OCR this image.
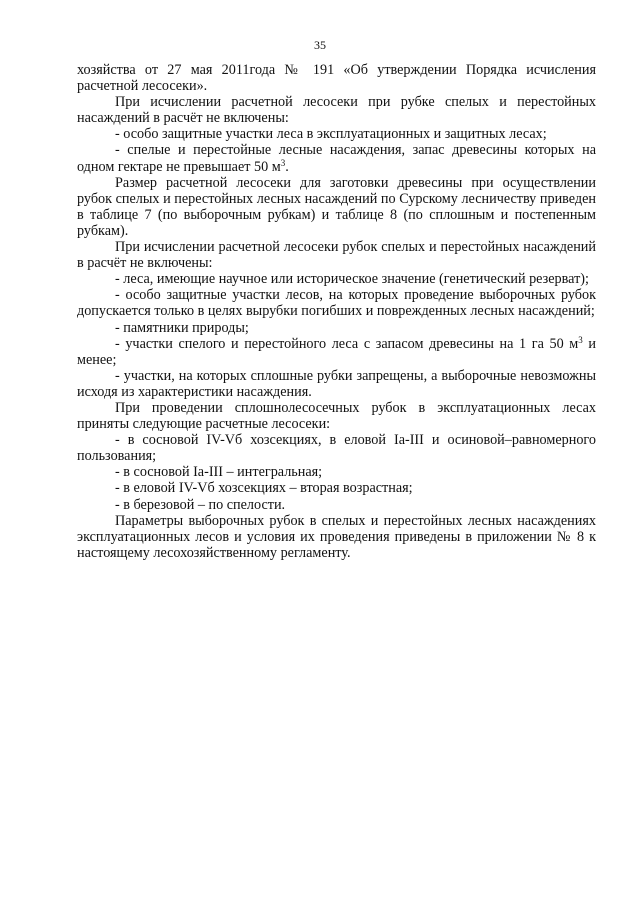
35

хозяйства от 27 мая 2011года № 191 «Об утверждении Порядка исчисления расчетной лесосеки».

При исчислении расчетной лесосеки при рубке спелых и перестойных насаждений в расчёт не включены:

- особо защитные участки леса в эксплуатационных и защитных лесах;

- спелые и перестойные лесные насаждения, запас древесины которых на одном гектаре не превышает 50 $м^3$.

Размер расчетной лесосеки для заготовки древесины при осуществлении рубок спелых и перестойных лесных насаждений по Сурскому лесничеству приведен в таблице 7 (по выборочным рубкам) и таблице 8 (по сплошным и постепенным рубкам).

При исчислении расчетной лесосеки рубок спелых и перестойных насаждений в расчёт не включены:

- леса, имеющие научное или историческое значение (генетический резерват);

- особо защитные участки лесов, на которых проведение выборочных рубок допускается только в целях вырубки погибших и поврежденных лесных насаждений;

- памятники природы;

- участки спелого и перестойного леса с запасом древесины на 1 га 50 $м^3$ и менее;

- участки, на которых сплошные рубки запрещены, а выборочные невозможны исходя из характеристики насаждения.

При проведении сплошнолесосечных рубок в эксплуатационных лесах приняты следующие расчетные лесосеки:

- в сосновой IV-Vб хозсекциях, в еловой Iа-III и осиновой–равномерного пользования;

- в сосновой Iа-III – интегральная;

- в еловой IV-Vб хозсекциях – вторая возрастная;

- в березовой – по спелости.

Параметры выборочных рубок в спелых и перестойных лесных насаждениях эксплуатационных лесов и условия их проведения приведены в приложении № 8 к настоящему лесохозяйственному регламенту.
